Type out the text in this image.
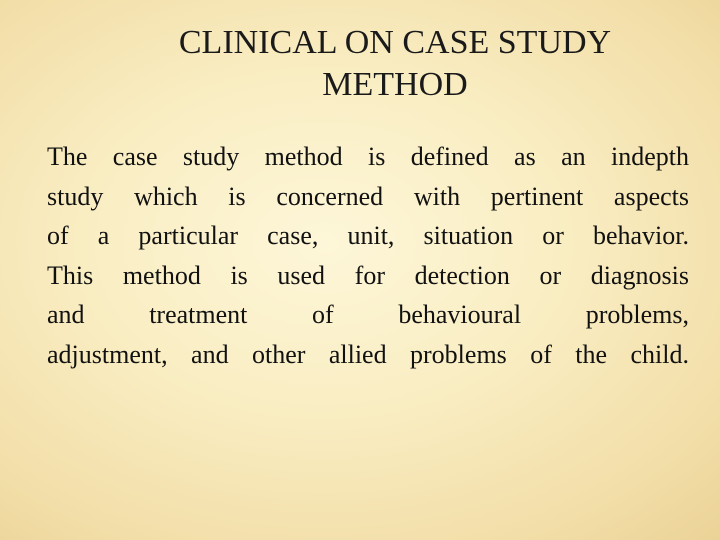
CLINICAL ON CASE STUDY
METHOD

The case study method is defined as an indepth
study which is concerned with pertinent aspects
of a particular case, unit, situation or behavior.
This method is used for detection or diagnosis
and treatment of behavioural problems,
adjustment, and other allied problems of the child.
